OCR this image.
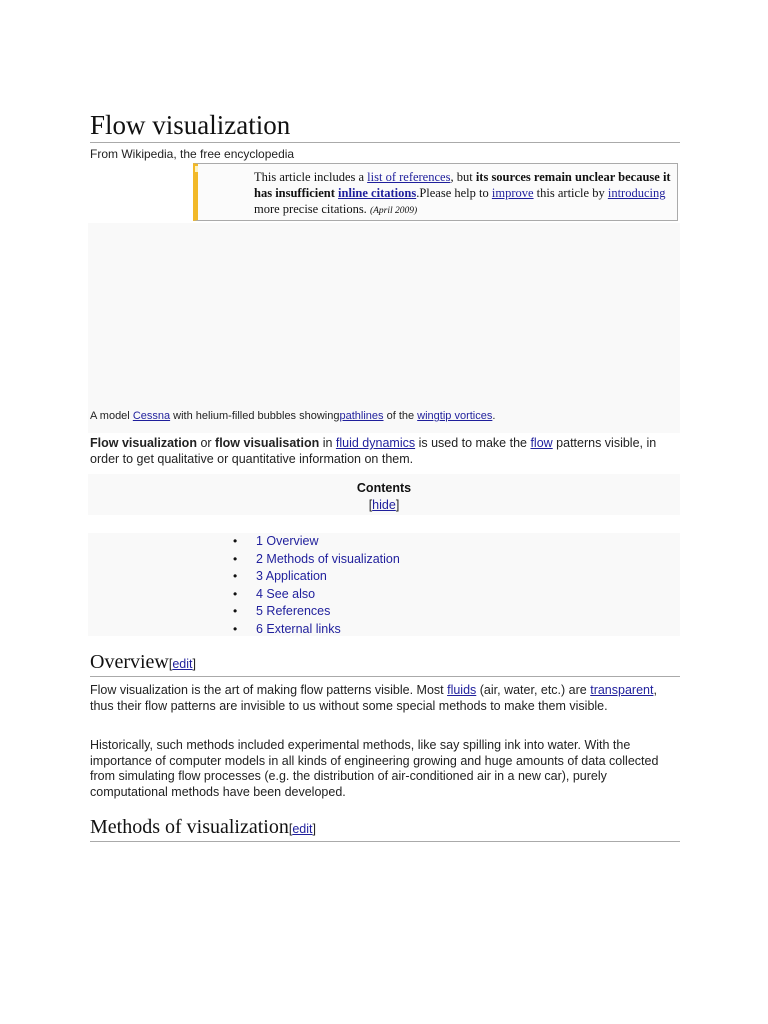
Flow visualization
From Wikipedia, the free encyclopedia
This article includes a list of references, but its sources remain unclear because it has insufficient inline citations.Please help to improve this article by introducing more precise citations. (April 2009)
A model Cessna with helium-filled bubbles showingpathlines of the wingtip vortices.

Flow visualization or flow visualisation in fluid dynamics is used to make the flow patterns visible, in order to get qualitative or quantitative information on them.

Contents
[hide]
• 1 Overview
• 2 Methods of visualization
• 3 Application
• 4 See also
• 5 References
• 6 External links
Overview[edit]

Flow visualization is the art of making flow patterns visible. Most fluids (air, water, etc.) are transparent, thus their flow patterns are invisible to us without some special methods to make them visible.

Historically, such methods included experimental methods, like say spilling ink into water. With the importance of computer models in all kinds of engineering growing and huge amounts of data collected from simulating flow processes (e.g. the distribution of air-conditioned air in a new car), purely computational methods have been developed.

Methods of visualization[edit]
